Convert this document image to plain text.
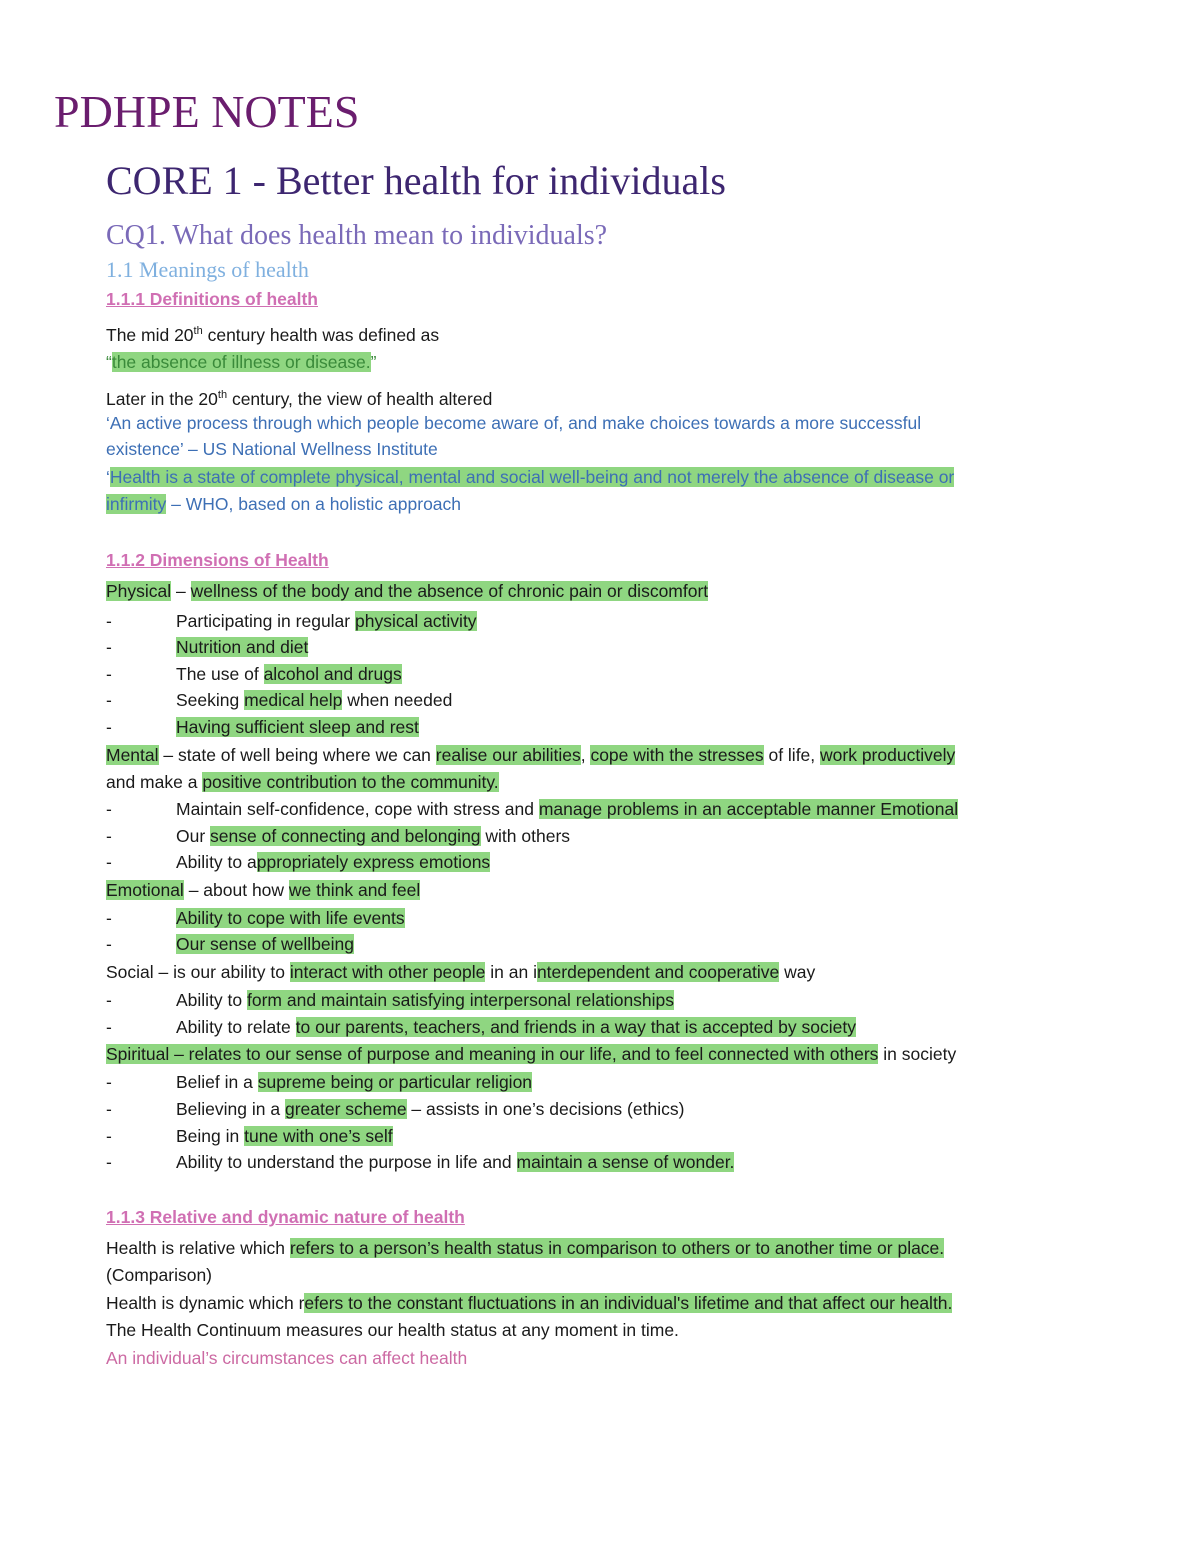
PDHPE NOTES
CORE 1 - Better health for individuals
CQ1. What does health mean to individuals?
1.1 Meanings of health
1.1.1 Definitions of health
The mid 20th century health was defined as
“the absence of illness or disease.”
Later in the 20th century, the view of health altered
‘An active process through which people become aware of, and make choices towards a more successful
existence’ – US National Wellness Institute
‘Health is a state of complete physical, mental and social well-being and not merely the absence of disease or
infirmity – WHO, based on a holistic approach
1.1.2 Dimensions of Health
Physical – wellness of the body and the absence of chronic pain or discomfort
-	Participating in regular physical activity
-	Nutrition and diet
-	The use of alcohol and drugs
-	Seeking medical help when needed
-	Having sufficient sleep and rest
Mental – state of well being where we can realise our abilities, cope with the stresses of life, work productively
and make a positive contribution to the community.
-	Maintain self-confidence, cope with stress and manage problems in an acceptable manner Emotional
-	Our sense of connecting and belonging with others
-	Ability to appropriately express emotions
Emotional – about how we think and feel
-	Ability to cope with life events
-	Our sense of wellbeing
Social – is our ability to interact with other people in an interdependent and cooperative way
-	Ability to form and maintain satisfying interpersonal relationships
-	Ability to relate to our parents, teachers, and friends in a way that is accepted by society
Spiritual – relates to our sense of purpose and meaning in our life, and to feel connected with others in society
-	Belief in a supreme being or particular religion
-	Believing in a greater scheme – assists in one’s decisions (ethics)
-	Being in tune with one’s self
-	Ability to understand the purpose in life and maintain a sense of wonder.
1.1.3 Relative and dynamic nature of health
Health is relative which refers to a person’s health status in comparison to others or to another time or place.
(Comparison)
Health is dynamic which refers to the constant fluctuations in an individual's lifetime and that affect our health.
The Health Continuum measures our health status at any moment in time.
An individual’s circumstances can affect health
